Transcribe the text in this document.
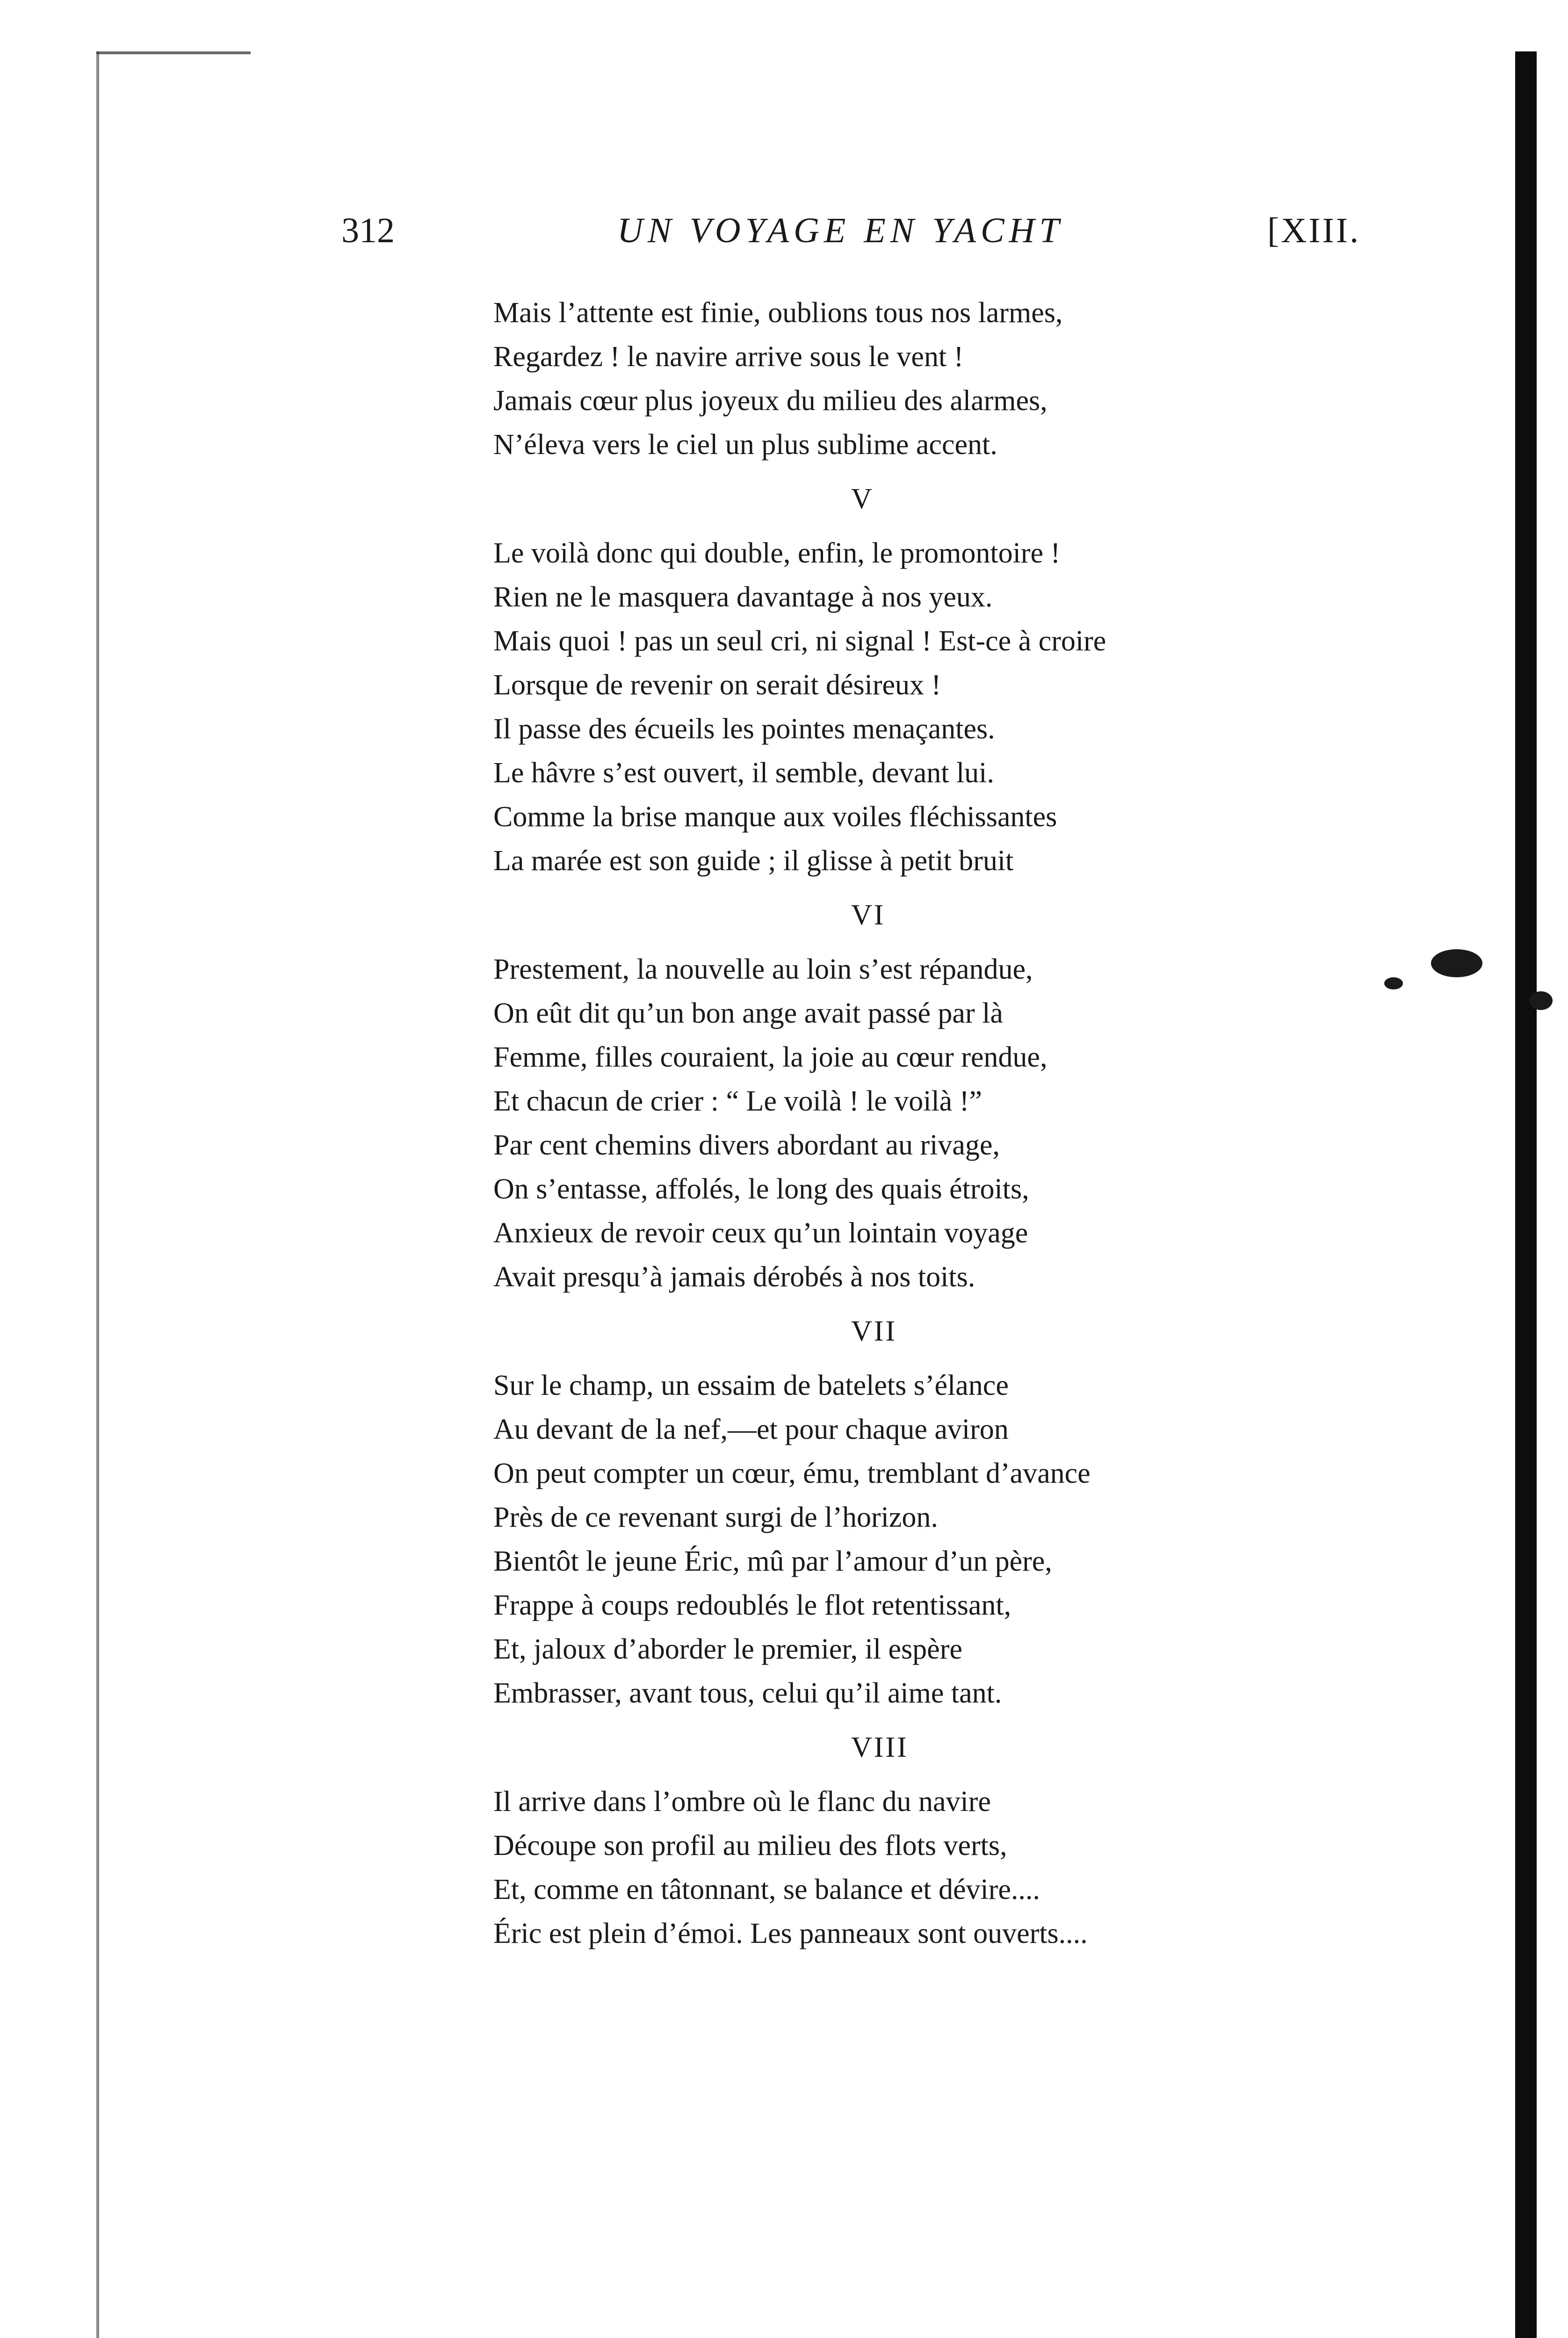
312	UN VOYAGE EN YACHT	[XIII.
Mais l’attente est finie, oublions tous nos larmes,
Regardez ! le navire arrive sous le vent !
Jamais cœur plus joyeux du milieu des alarmes,
N’éleva vers le ciel un plus sublime accent.
V
Le voilà donc qui double, enfin, le promontoire !
Rien ne le masquera davantage à nos yeux.
Mais quoi ! pas un seul cri, ni signal ! Est-ce à croire
Lorsque de revenir on serait désireux !
Il passe des écueils les pointes menaçantes.
Le hâvre s’est ouvert, il semble, devant lui.
Comme la brise manque aux voiles fléchissantes
La marée est son guide ; il glisse à petit bruit
VI
Prestement, la nouvelle au loin s’est répandue,
On eût dit qu’un bon ange avait passé par là
Femme, filles couraient, la joie au cœur rendue,
Et chacun de crier : “ Le voilà ! le voilà !”
Par cent chemins divers abordant au rivage,
On s’entasse, affolés, le long des quais étroits,
Anxieux de revoir ceux qu’un lointain voyage
Avait presqu’à jamais dérobés à nos toits.
VII
Sur le champ, un essaim de batelets s’élance
Au devant de la nef,—et pour chaque aviron
On peut compter un cœur, ému, tremblant d’avance
Près de ce revenant surgi de l’horizon.
Bientôt le jeune Éric, mû par l’amour d’un père,
Frappe à coups redoublés le flot retentissant,
Et, jaloux d’aborder le premier, il espère
Embrasser, avant tous, celui qu’il aime tant.
VIII
Il arrive dans l’ombre où le flanc du navire
Découpe son profil au milieu des flots verts,
Et, comme en tâtonnant, se balance et dévire....
Éric est plein d’émoi. Les panneaux sont ouverts....
